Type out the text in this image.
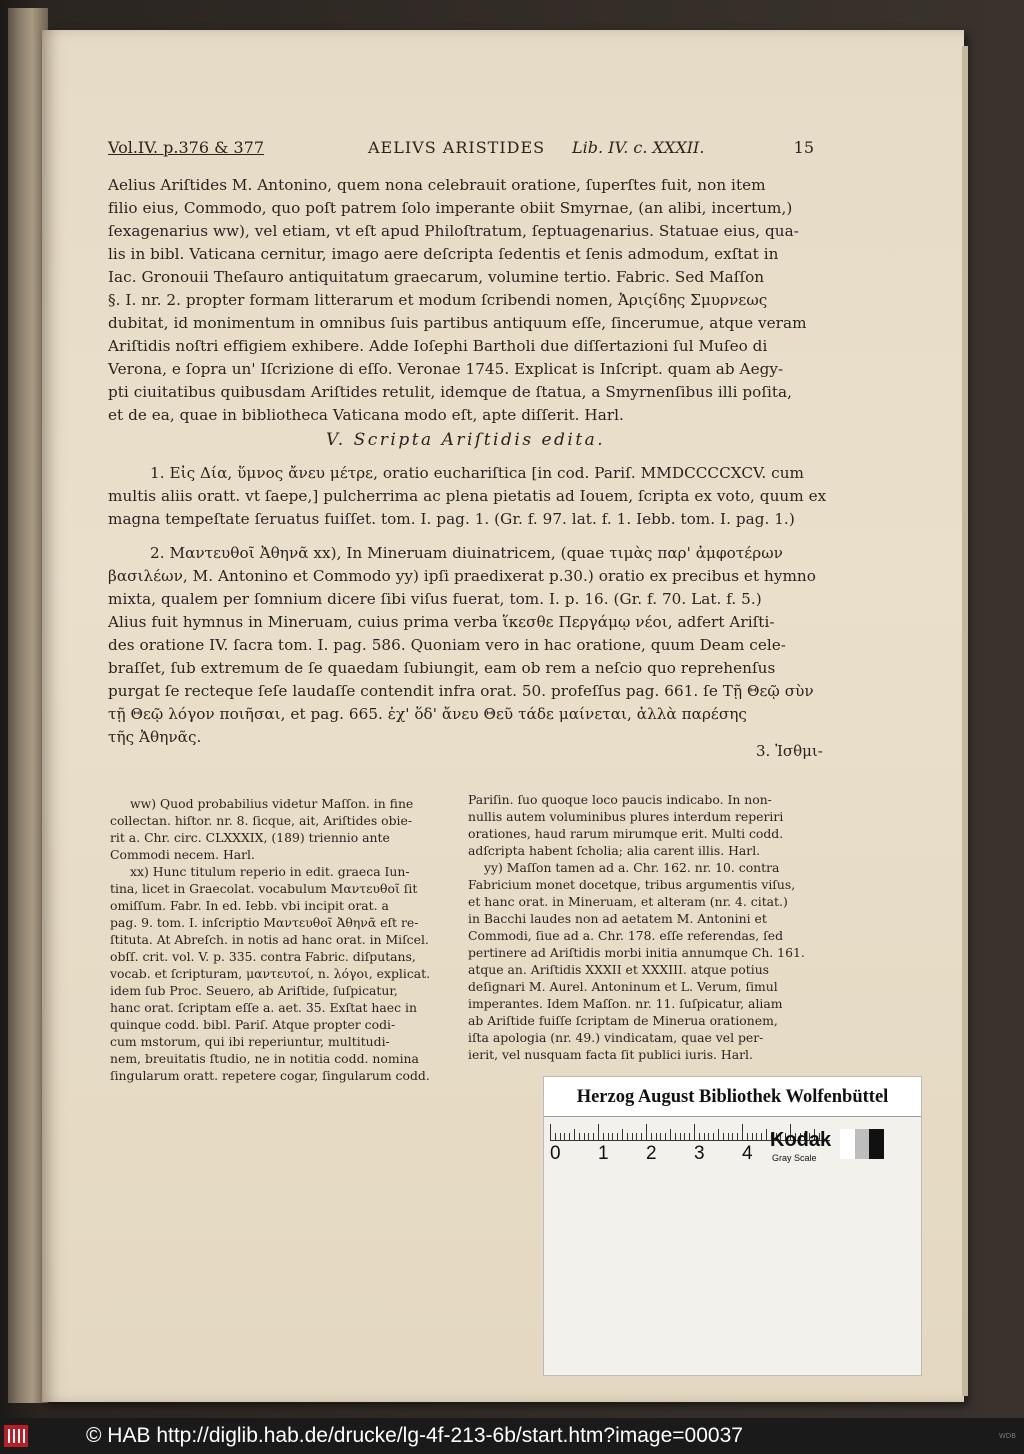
Vol.IV. p.376 & 377	AELIVS ARISTIDES Lib. IV. c. XXXII.	15
Aelius Ariſtides M. Antonino, quem nona celebrauit oratione, ſuperſtes fuit, non item
filio eius, Commodo, quo poſt patrem ſolo imperante obiit Smyrnae, (an alibi, incertum,)
ſexagenarius ww), vel etiam, vt eſt apud Philoſtratum, ſeptuagenarius. Statuae eius, qua-
lis in bibl. Vaticana cernitur, imago aere deſcripta ſedentis et ſenis admodum, exſtat in
Iac. Gronouii Theſauro antiquitatum graecarum, volumine tertio. Fabric. Sed Maſſon
§. I. nr. 2. propter formam litterarum et modum ſcribendi nomen, Ἀριςίδης Σμυρνεως
dubitat, id monimentum in omnibus ſuis partibus antiquum eſſe, ſincerumue, atque veram
Ariſtidis noſtri effigiem exhibere. Adde Ioſephi Bartholi due diſſertazioni ſul Muſeo di
Verona, e ſopra un' Iſcrizione di eſſo. Veronae 1745. Explicat is Inſcript. quam ab Aegy-
pti ciuitatibus quibusdam Ariſtides retulit, idemque de ſtatua, a Smyrnenſibus illi poſita,
et de ea, quae in bibliotheca Vaticana modo eſt, apte diſſerit. Harl.
V. Scripta Ariſtidis edita.
1. Εἰς Δία, ὕμνος ἄνευ μέτρε, oratio euchariſtica [in cod. Pariſ. MMDCCCCXCV. cum
multis aliis oratt. vt ſaepe,] pulcherrima ac plena pietatis ad Iouem, ſcripta ex voto, quum ex
magna tempeſtate ſeruatus fuiſſet. tom. I. pag. 1. (Gr. f. 97. lat. f. 1. Iebb. tom. I. pag. 1.)
2. Μαντευθοῖ Ἀθηνᾶ xx), In Mineruam diuinatricem, (quae τιμὰς παρ' ἀμφοτέρων
βασιλέων, M. Antonino et Commodo yy) ipſi praedixerat p.30.) oratio ex precibus et hymno
mixta, qualem per ſomnium dicere ſibi viſus fuerat, tom. I. p. 16. (Gr. f. 70. Lat. f. 5.)
Alius fuit hymnus in Mineruam, cuius prima verba ἵκεσθε Περγάμῳ νέοι, adfert Ariſti-
des oratione IV. ſacra tom. I. pag. 586. Quoniam vero in hac oratione, quum Deam cele-
braſſet, ſub extremum de ſe quaedam ſubiungit, eam ob rem a neſcio quo reprehenſus
purgat ſe recteque ſeſe laudaſſe contendit infra orat. 50. profeſſus pag. 661. ſe Τῇ Θεῷ σὺν
τῇ Θεῷ λόγον ποιῆσαι, et pag. 665. ἐχ' ὅδ' ἄνευ Θεῦ τάδε μαίνεται, ἀλλὰ παρέσης
τῆς Ἀθηνᾶς.
3. Ἰσθμι-
ww) Quod probabilius videtur Maſſon. in fine
collectan. hiſtor. nr. 8. ſicque, ait, Ariſtides obie-
rit a. Chr. circ. CLXXXIX, (189) triennio ante
Commodi necem. Harl.
xx) Hunc titulum reperio in edit. graeca Iun-
tina, licet in Graecolat. vocabulum Μαντευθοῖ ſit
omiſſum. Fabr. In ed. Iebb. vbi incipit orat. a
pag. 9. tom. I. inſcriptio Μαντευθοῖ Ἀθηνᾶ eſt re-
ſtituta. At Abreſch. in notis ad hanc orat. in Miſcel.
obſſ. crit. vol. V. p. 335. contra Fabric. diſputans,
vocab. et ſcripturam, μαντευτοί, n. λόγοι, explicat.
idem ſub Proc. Seuero, ab Ariſtide, ſuſpicatur,
hanc orat. ſcriptam eſſe a. aet. 35. Exſtat haec in
quinque codd. bibl. Pariſ. Atque propter codi-
cum mstorum, qui ibi reperiuntur, multitudi-
nem, breuitatis ſtudio, ne in notitia codd. nomina
ſingularum oratt. repetere cogar, ſingularum codd.
Pariſin. ſuo quoque loco paucis indicabo. In non-
nullis autem voluminibus plures interdum reperiri
orationes, haud rarum mirumque erit. Multi codd.
adſcripta habent ſcholia; alia carent illis. Harl.
yy) Maſſon tamen ad a. Chr. 162. nr. 10. contra
Fabricium monet docetque, tribus argumentis viſus,
et hanc orat. in Mineruam, et alteram (nr. 4. citat.)
in Bacchi laudes non ad aetatem M. Antonini et
Commodi, ſiue ad a. Chr. 178. eſſe referendas, ſed
pertinere ad Ariſtidis morbi initia annumque Ch. 161.
atque an. Ariſtidis XXXII et XXXIII. atque potius
deſignari M. Aurel. Antoninum et L. Verum, ſimul
imperantes. Idem Maſſon. nr. 11. ſuſpicatur, aliam
ab Ariſtide fuiſſe ſcriptam de Mineruа orationem,
iſta apologia (nr. 49.) vindicatam, quae vel per-
ierit, vel nusquam facta ſit publici iuris. Harl.
Herzog August Bibliothek Wolfenbüttel
0 1 2 3 4
Kodak
Gray Scale
© HAB http://diglib.hab.de/drucke/lg-4f-213-6b/start.htm?image=00037	WDB
